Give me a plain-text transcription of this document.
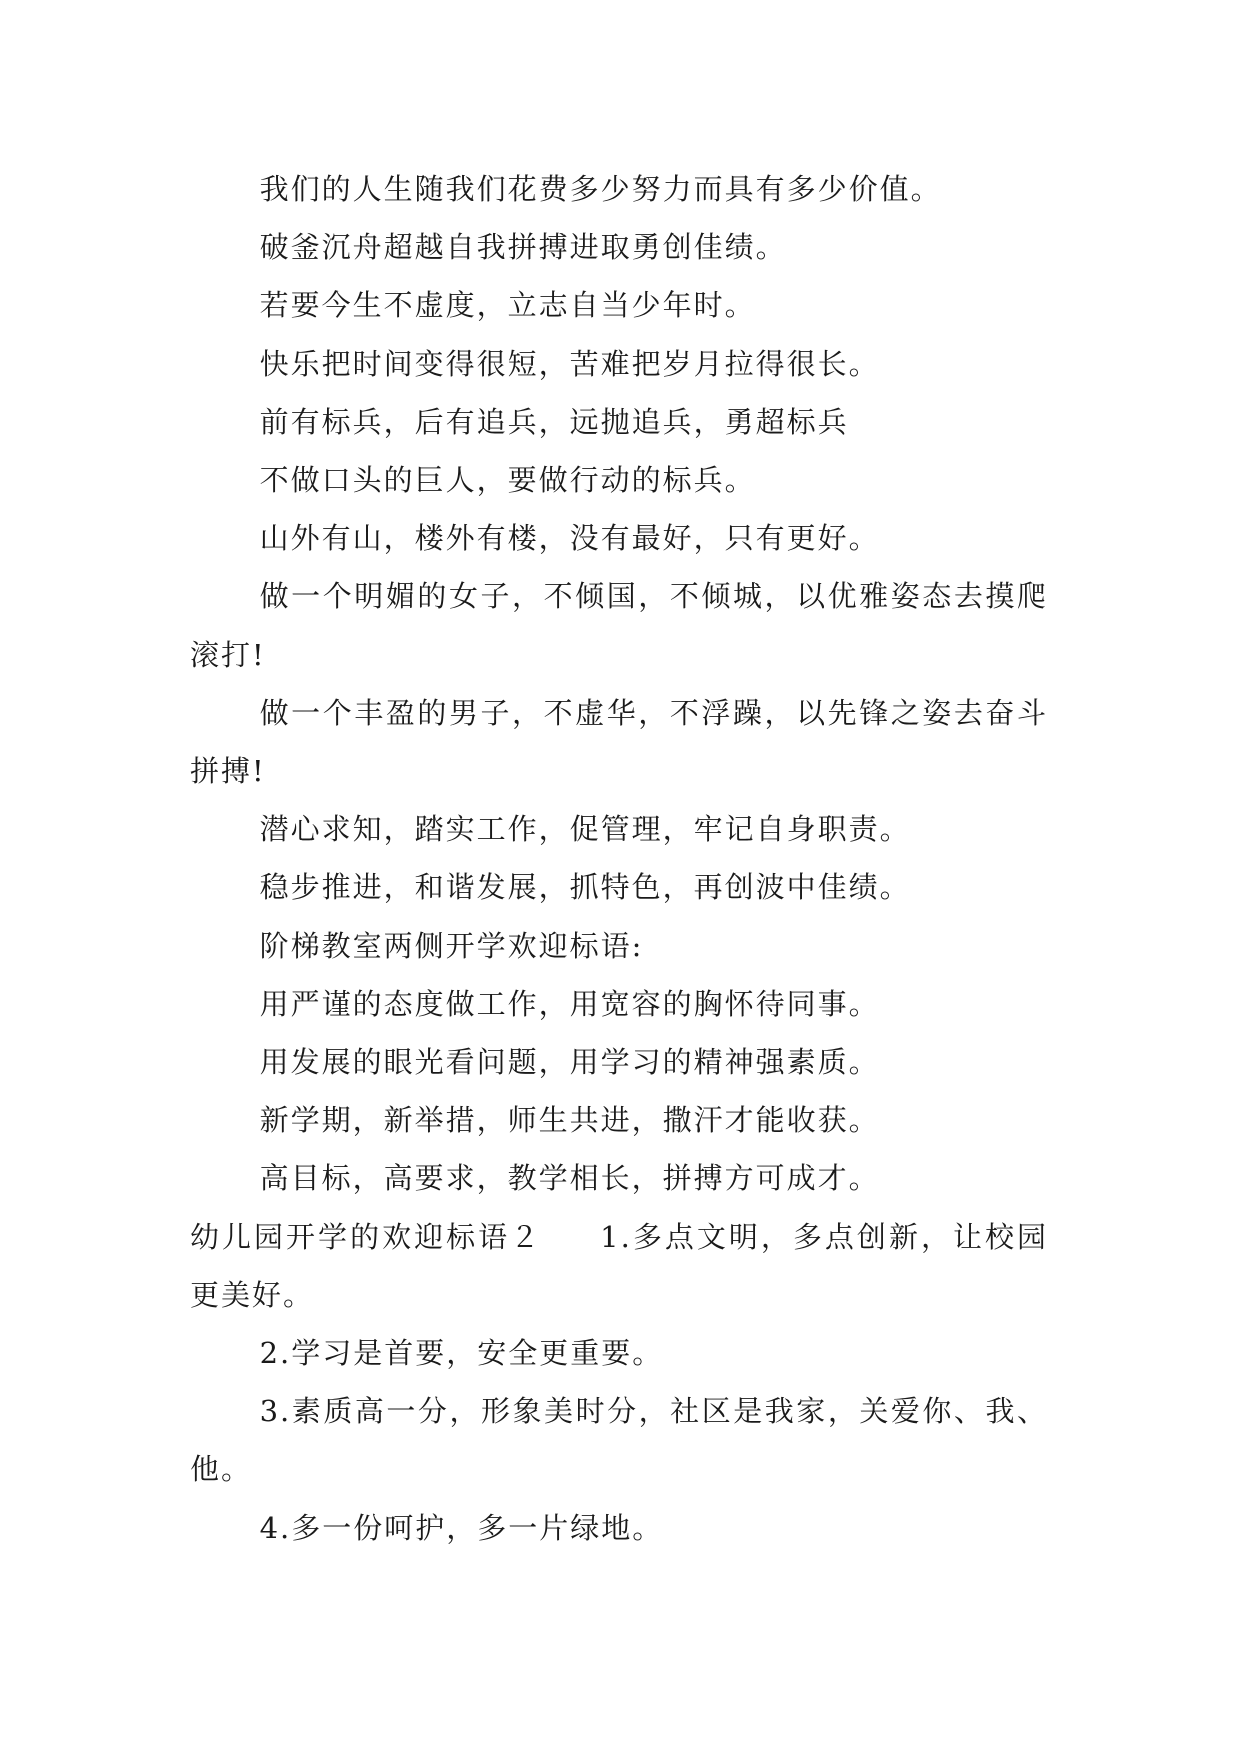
我们的人生随我们花费多少努力而具有多少价值。

破釜沉舟超越自我拼搏进取勇创佳绩。

若要今生不虚度，立志自当少年时。

快乐把时间变得很短，苦难把岁月拉得很长。

前有标兵，后有追兵，远抛追兵，勇超标兵

不做口头的巨人，要做行动的标兵。

山外有山，楼外有楼，没有最好，只有更好。

做一个明媚的女子，不倾国，不倾城，以优雅姿态去摸爬滚打!

做一个丰盈的男子，不虚华，不浮躁，以先锋之姿去奋斗拼搏!

潜心求知，踏实工作，促管理，牢记自身职责。

稳步推进，和谐发展，抓特色，再创波中佳绩。

阶梯教室两侧开学欢迎标语:

用严谨的态度做工作，用宽容的胸怀待同事。

用发展的眼光看问题，用学习的精神强素质。

新学期，新举措，师生共进，撒汗才能收获。

高目标，高要求，教学相长，拼搏方可成才。

幼儿园开学的欢迎标语２ 1.多点文明，多点创新，让校园更美好。

2.学习是首要，安全更重要。

3.素质高一分，形象美时分，社区是我家，关爱你、我、他。

4.多一份呵护，多一片绿地。
